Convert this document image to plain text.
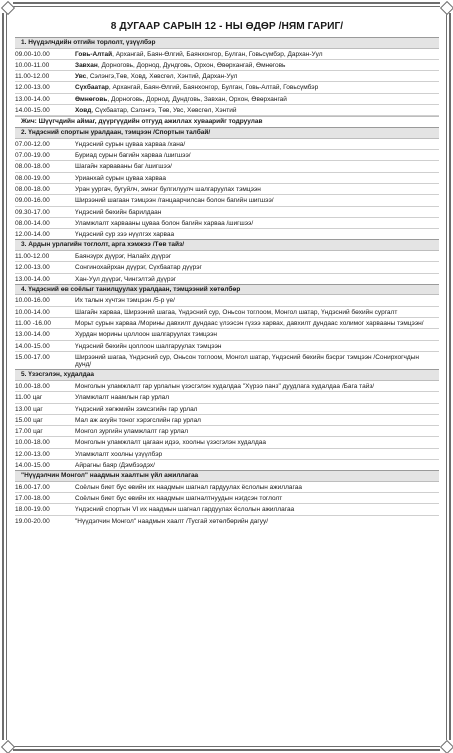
8 ДУГААР САРЫН 12 - НЫ ӨДӨР /НЯМ ГАРИГ/
1. Нүүдэлчдийн отгийн торлолт, үзүүлбэр
09.00-10.00	Говь-Алтай, Архангай, Баян-Өлгий, Баянхонгор, Булган, Говьсүмбэр, Дархан-Уул
10.00-11.00	Завхан, Дорноговь, Дорнод, Дундговь, Орхон, Өвөрхангай, Өмнөговь
11.00-12.00	Увс, Сэлэнгэ,Төв, Ховд, Хөвсгөл, Хэнтий, Дархан-Уул
12.00-13.00	Сүхбаатар, Архангай, Баян-Өлгий, Баянхонгор, Булган, Говь-Алтай, Говьсүмбэр
13.00-14.00	Өмнөговь, Дорноговь, Дорнод, Дундговь, Завхан, Орхон, Өвөрхангай
14.00-15.00	Ховд, Сүхбаатар, Сэлэнгэ, Төв, Увс, Хөвсгөл, Хэнтий
Жич: Шүүгчдийн аймаг, дүүргүүдийн отгууд ажиллах хуваарийг тодруулав
2. Үндэсний спортын уралдаан, тэмцээн /Спортын талбай/
07.00-12.00	Үндэсний сурын цуваа харваа /хана/
07.00-19.00	Буриад сурын багийн харваа /шигшээ/
08.00-18.00	Шагайн харваваны баг /шигшээ/
08.00-19.00	Урианхай сурын цуваа харваа
08.00-18.00	Уран уургач, бугуйлч, эмнэг булгилуулч шалгаруулах тэмцээн
09.00-16.00	Ширээний шагаан тэмцээн /ганцаарчилсан болон багийн шигшээ/
09.30-17.00	Үндэсний бөхийн барилдаан
08.00-14.00	Уламжлалт харвааны цуваа болон багийн харваа /шигшээ/
12.00-14.00	Үндэсний сур зээ нүүлгэх харваа
3. Ардын урлагийн тоглолт, арга хэмжээ /Төв тайз/
11.00-12.00	Баянзүрх дүүрэг, Налайх дүүрэг
12.00-13.00	Сонгинохайрхан дүүрэг, Сүхбаатар дүүрэг
13.00-14.00	Хан-Уул дүүрэг, Чингэлтэй дүүрэг
4. Үндэсний өв соёлыг танилцуулах уралдаан, тэмцээний хөтөлбөр
10.00-16.00	Их талын хүчтэн тэмцээн /5-р үе/
10.00-14.00	Шагайн харваа, Ширээний шагаа, Үндэсний сур, Оньсон тоглоом, Монгол шатар, Үндэсний бөхийн сургалт
11.00 -16.00	Морьт сурын харваа /Морины давхилт дундаас үлээсэн гүзээ харвах, давхилт дундаас холимог харвааны тэмцээн/
13.00-14.00	Хурдан морины цоллоон шалгаруулах тэмцээн
14.00-15.00	Үндэсний бөхийн цоллоон шалгаруулах тэмцээн
15.00-17.00	Ширээний шагаа, Үндэсний сур, Оньсон тоглоом, Монгол шатар, Үндэсний бөхийн бэсрэг тэмцээн /Сонирхогчдын дунд/
5. Үзэсгэлэн, худалдаа
10.00-18.00	Монголын уламжлалт гар урлалын үзэсгэлэн худалдаа "Хүрээ панз" дуудлага худалдаа /Бага тайз/
11.00 цаг	Уламжлалт наамлын гар урлал
13.00 цаг	Үндэсний хөгжмийн зэмсэгийн гар урлал
15.00 цаг	Мал аж ахуйн тоног хэрэгслийн гар урлал
17.00 цаг	Монгол зургийн уламжлалт гар урлал
10.00-18.00	Монголын уламжлалт цагаан идээ, хоолны үзэсгэлэн худалдаа
12.00-13.00	Уламжлалт хоолны үзүүлбэр
14.00-15.00	Айрагны баяр /Дэмбээдэх/
"Нүүдэлчин Монгол" наадмын хаалтын үйл ажиллагаа
16.00-17.00	Соёлын биет бус өвийн их наадмын шагнал гардуулах ёслолын ажиллагаа
17.00-18.00	Соёлын биет бус өвийн их наадмын шагналтнуудын нэгдсэн тоглолт
18.00-19.00	Үндэсний спортын VI их наадмын шагнал гардуулах ёслолын ажиллагаа
19.00-20.00	"Нүүдэлчин Монгол" наадмын хаалт /Тусгай хөтөлбөрийн дагуу/
